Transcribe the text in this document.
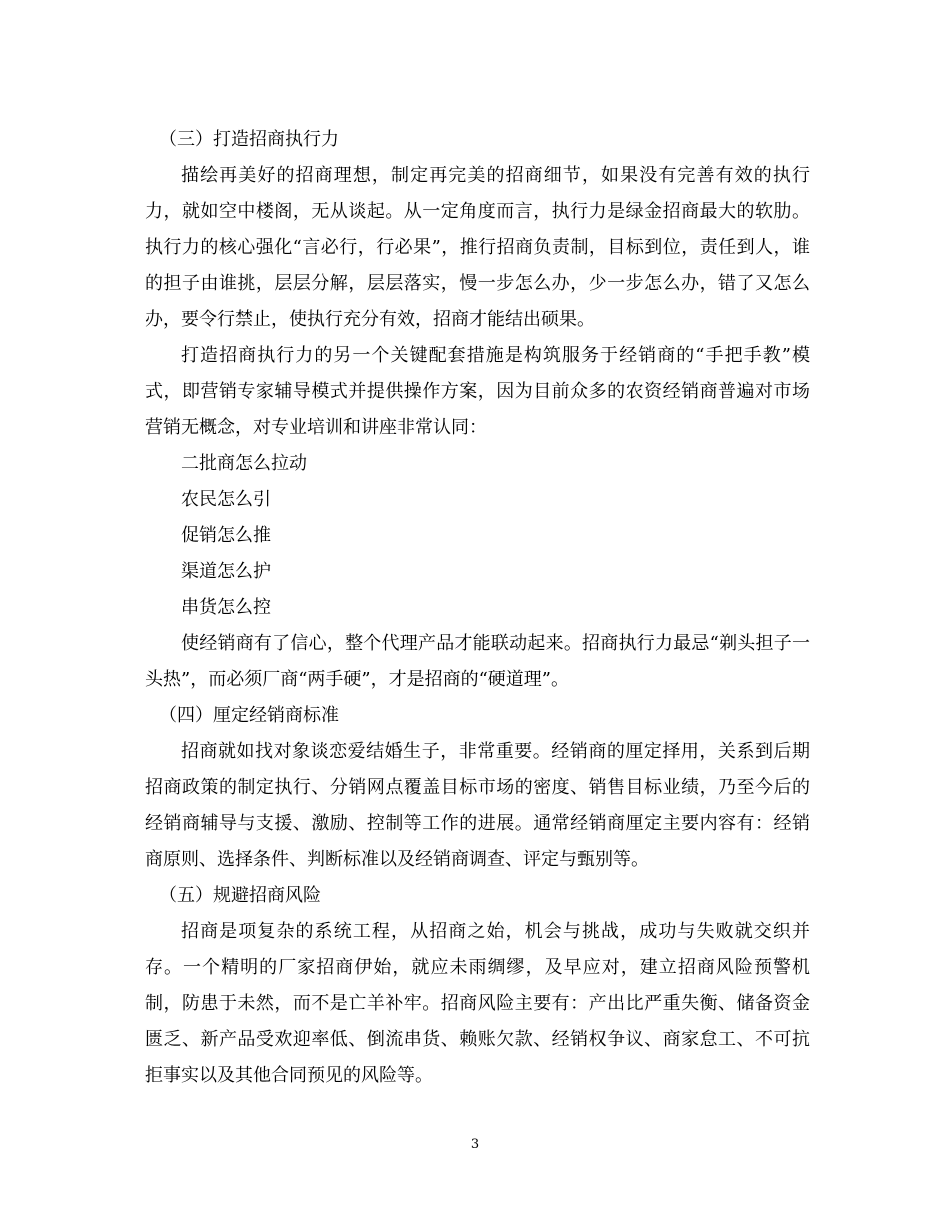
（三）打造招商执行力

描绘再美好的招商理想，制定再完美的招商细节，如果没有完善有效的执行力，就如空中楼阁，无从谈起。从一定角度而言，执行力是绿金招商最大的软肋。执行力的核心强化“言必行，行必果”，推行招商负责制，目标到位，责任到人，谁的担子由谁挑，层层分解，层层落实，慢一步怎么办，少一步怎么办，错了又怎么办，要令行禁止，使执行充分有效，招商才能结出硕果。

打造招商执行力的另一个关键配套措施是构筑服务于经销商的“手把手教”模式，即营销专家辅导模式并提供操作方案，因为目前众多的农资经销商普遍对市场营销无概念，对专业培训和讲座非常认同：

二批商怎么拉动

农民怎么引

促销怎么推

渠道怎么护

串货怎么控

使经销商有了信心，整个代理产品才能联动起来。招商执行力最忌“剃头担子一头热”，而必须厂商“两手硬”，才是招商的“硬道理”。

（四）厘定经销商标准

招商就如找对象谈恋爱结婚生子，非常重要。经销商的厘定择用，关系到后期招商政策的制定执行、分销网点覆盖目标市场的密度、销售目标业绩，乃至今后的经销商辅导与支援、激励、控制等工作的进展。通常经销商厘定主要内容有：经销商原则、选择条件、判断标准以及经销商调查、评定与甄别等。

（五）规避招商风险

招商是项复杂的系统工程，从招商之始，机会与挑战，成功与失败就交织并存。一个精明的厂家招商伊始，就应未雨绸缪，及早应对，建立招商风险预警机制，防患于未然，而不是亡羊补牢。招商风险主要有：产出比严重失衡、储备资金匮乏、新产品受欢迎率低、倒流串货、赖账欠款、经销权争议、商家怠工、不可抗拒事实以及其他合同预见的风险等。

3
